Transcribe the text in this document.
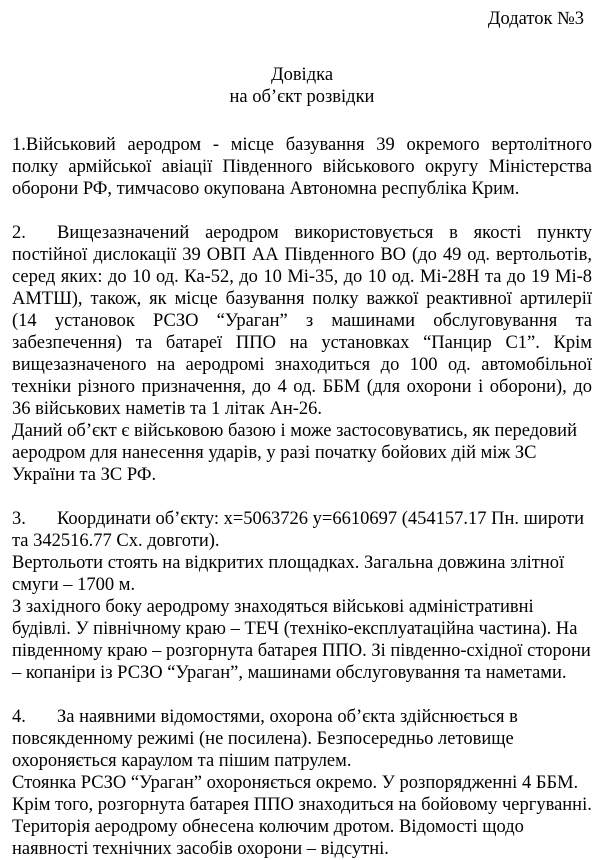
Додаток №3
Довідка
на об’єкт розвідки

1.Військовий аеродром - місце базування 39 окремого вертолітного полку армійської авіації Південного військового округу Міністерства оборони РФ, тимчасово окупована Автономна республіка Крим.

2. Вищезазначений аеродром використовується в якості пункту постійної дислокації 39 ОВП АА Південного ВО (до 49 од. вертольотів, серед яких: до 10 од. Ка-52, до 10 Мі-35, до 10 од. Мі-28Н та до 19 Мі-8 АМТШ), також, як місце базування полку важкої реактивної артилерії (14 установок РСЗО “Ураган” з машинами обслуговування та забезпечення) та батареї ППО на установках “Панцир С1”. Крім вищезазначеного на аеродромі знаходиться до 100 од. автомобільної техніки різного призначення, до 4 од. ББМ (для охорони і оборони), до 36 військових наметів та 1 літак Ан-26.

Даний об’єкт є військовою базою і може застосовуватись, як передовий аеродром для нанесення ударів, у разі початку бойових дій між ЗС України та ЗС РФ.

3. Координати об’єкту: x=5063726 y=6610697 (454157.17 Пн. широти та 342516.77 Сх. довготи).

Вертольоти стоять на відкритих площадках. Загальна довжина злітної смуги – 1700 м.

З західного боку аеродрому знаходяться військові адміністративні будівлі. У північному краю – ТЕЧ (техніко-експлуатаційна частина). На південному краю – розгорнута батарея ППО. Зі південно-східної сторони – копаніри із РСЗО “Ураган”, машинами обслуговування та наметами.

4. За наявними відомостями, охорона об’єкта здійснюється в повсякденному режимі (не посилена). Безпосередньо летовище охороняється караулом та пішим патрулем.

Стоянка РСЗО “Ураган” охороняється окремо. У розпорядженні 4 ББМ.

Крім того, розгорнута батарея ППО знаходиться на бойовому чергуванні.

Територія аеродрому обнесена колючим дротом. Відомості щодо наявності технічних засобів охорони – відсутні.
